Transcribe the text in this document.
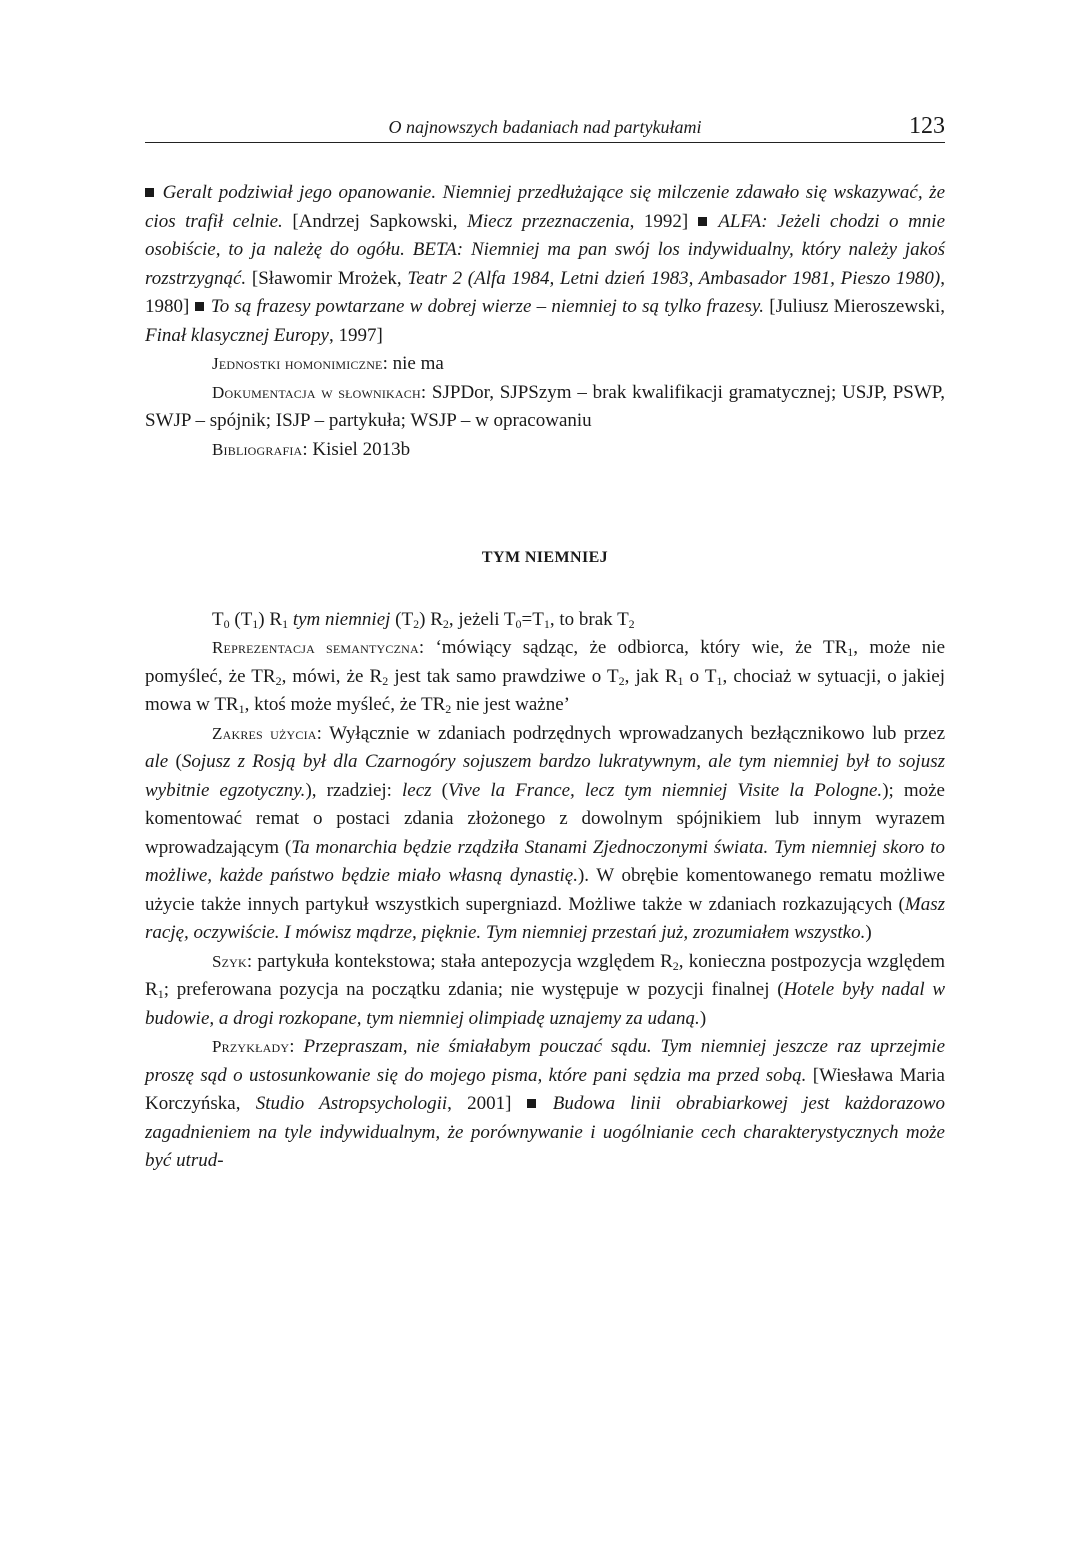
O najnowszych badaniach nad partykułami	123

Geralt podziwiał jego opanowanie. Niemniej przedłużające się milczenie zdawało się wskazywać, że cios trafił celnie. [Andrzej Sapkowski, Miecz przeznaczenia, 1992]  ALFA: Jeżeli chodzi o mnie osobiście, to ja należę do ogółu. BETA: Niemniej ma pan swój los indywidualny, który należy jakoś rozstrzygnąć. [Sławomir Mrożek, Teatr 2 (Alfa 1984, Letni dzień 1983, Ambasador 1981, Pieszo 1980), 1980]  To są frazesy powtarzane w dobrej wierze – niemniej to są tylko frazesy. [Juliusz Mieroszewski, Finał klasycznej Europy, 1997]

Jednostki homonimiczne: nie ma

Dokumentacja w słownikach: SJPDor, SJPSzym – brak kwalifikacji gramatycznej; USJP, PSWP, SWJP – spójnik; ISJP – partykuła; WSJP – w opracowaniu

Bibliografia: Kisiel 2013b

TYM NIEMNIEJ

$T_0$ $(T_1)$ $R_1$ tym niemniej $(T_2)$ $R_2$, jeżeli $T_0=T_1$, to brak $T_2$

Reprezentacja semantyczna: ‘mówiący sądząc, że odbiorca, który wie, że $TR_1$, może nie pomyśleć, że $TR_2$, mówi, że $R_2$ jest tak samo prawdziwe o $T_2$, jak $R_1$ o $T_1$, chociaż w sytuacji, o jakiej mowa w $TR_1$, ktoś może myśleć, że $TR_2$ nie jest ważne’

Zakres użycia: Wyłącznie w zdaniach podrzędnych wprowadzanych bezłącznikowo lub przez ale (Sojusz z Rosją był dla Czarnogóry sojuszem bardzo lukratywnym, ale tym niemniej był to sojusz wybitnie egzotyczny.), rzadziej: lecz (Vive la France, lecz tym niemniej Visite la Pologne.); może komentować remat o postaci zdania złożonego z dowolnym spójnikiem lub innym wyrazem wprowadzającym (Ta monarchia będzie rządziła Stanami Zjednoczonymi świata. Tym niemniej skoro to możliwe, każde państwo będzie miało własną dynastię.). W obrębie komentowanego rematu możliwe użycie także innych partykuł wszystkich supergniazd. Możliwe także w zdaniach rozkazujących (Masz rację, oczywiście. I mówisz mądrze, pięknie. Tym niemniej przestań już, zrozumiałem wszystko.)

Szyk: partykuła kontekstowa; stała antepozycja względem $R_2$, konieczna postpozycja względem $R_1$; preferowana pozycja na początku zdania; nie występuje w pozycji finalnej (Hotele były nadal w budowie, a drogi rozkopane, tym niemniej olimpiadę uznajemy za udaną.)

Przykłady: Przepraszam, nie śmiałabym pouczać sądu. Tym niemniej jeszcze raz uprzejmie proszę sąd o ustosunkowanie się do mojego pisma, które pani sędzia ma przed sobą. [Wiesława Maria Korczyńska, Studio Astropsychologii, 2001]  Budowa linii obrabiarkowej jest każdorazowo zagadnieniem na tyle indywidualnym, że porównywanie i uogólnianie cech charakterystycznych może być utrud-
